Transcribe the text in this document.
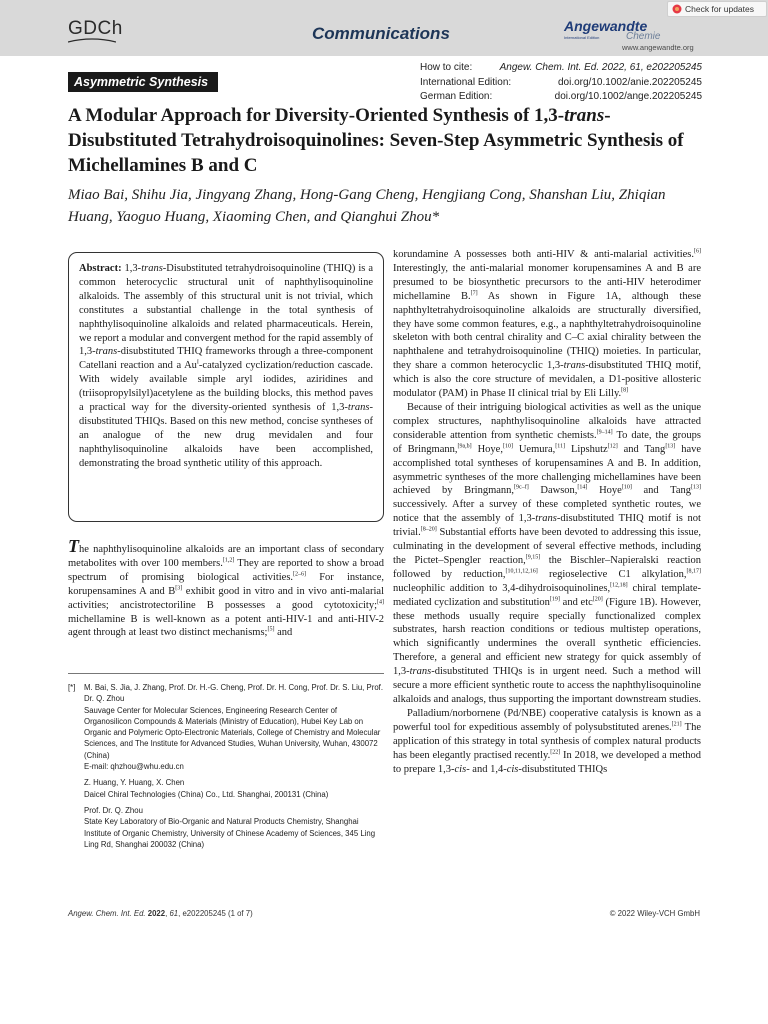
GDCh	Communications	Angewandte
International Edition	Chemie
www.angewandte.org
Check for updates
How to cite:	Angew. Chem. Int. Ed. 2022, 61, e202205245
International Edition:	doi.org/10.1002/anie.202205245
German Edition:	doi.org/10.1002/ange.202205245
Asymmetric Synthesis
A Modular Approach for Diversity-Oriented Synthesis of 1,3-trans-Disubstituted Tetrahydroisoquinolines: Seven-Step Asymmetric Synthesis of Michellamines B and C
Miao Bai, Shihu Jia, Jingyang Zhang, Hong-Gang Cheng, Hengjiang Cong, Shanshan Liu, Zhiqian Huang, Yaoguo Huang, Xiaoming Chen, and Qianghui Zhou*
Abstract: 1,3-trans-Disubstituted tetrahydroisoquinoline (THIQ) is a common heterocyclic structural unit of naphthylisoquinoline alkaloids. The assembly of this structural unit is not trivial, which constitutes a substantial challenge in the total synthesis of naphthylisoquinoline alkaloids and related pharmaceuticals. Herein, we report a modular and convergent method for the rapid assembly of 1,3-trans-disubstituted THIQ frameworks through a three-component Catellani reaction and a $Au^I$-catalyzed cyclization/reduction cascade. With widely available simple aryl iodides, aziridines and (triisopropylsilyl)acetylene as the building blocks, this method paves a practical way for the diversity-oriented synthesis of 1,3-trans-disubstituted THIQs. Based on this new method, concise syntheses of an analogue of the new drug mevidalen and four naphthylisoquinoline alkaloids have been accomplished, demonstrating the broad synthetic utility of this approach.

The naphthylisoquinoline alkaloids are an important class of secondary metabolites with over 100 members.[1,2] They are reported to show a broad spectrum of promising biological activities.[2–6] For instance, korupensamines A and B[3] exhibit good in vitro and in vivo anti-malarial activities; ancistrotectoriline B possesses a good cytotoxicity;[4] michellamine B is well-known as a potent anti-HIV-1 and anti-HIV-2 agent through at least two distinct mechanisms;[5] and

[*]	M. Bai, S. Jia, J. Zhang, Prof. Dr. H.-G. Cheng, Prof. Dr. H. Cong, Prof. Dr. S. Liu, Prof. Dr. Q. Zhou
Sauvage Center for Molecular Sciences, Engineering Research Center of Organosilicon Compounds & Materials (Ministry of Education), Hubei Key Lab on Organic and Polymeric Opto-Electronic Materials, College of Chemistry and Molecular Sciences, and The Institute for Advanced Studies, Wuhan University, Wuhan, 430072 (China)
E-mail: qhzhou@whu.edu.cn
Z. Huang, Y. Huang, X. Chen
Daicel Chiral Technologies (China) Co., Ltd. Shanghai, 200131 (China)
Prof. Dr. Q. Zhou
State Key Laboratory of Bio-Organic and Natural Products Chemistry, Shanghai Institute of Organic Chemistry, University of Chinese Academy of Sciences, 345 Ling Ling Rd, Shanghai 200032 (China)

korundamine A possesses both anti-HIV & anti-malarial activities.[6] Interestingly, the anti-malarial monomer korupensamines A and B are presumed to be biosynthetic precursors to the anti-HIV heterodimer michellamine B.[7] As shown in Figure 1A, although these naphthyltetrahydroisoquinoline alkaloids are structurally diversified, they have some common features, e.g., a naphthyltetrahydroisoquinoline skeleton with both central chirality and C–C axial chirality between the naphthalene and tetrahydroisoquinoline (THIQ) moieties. In particular, they share a common heterocyclic 1,3-trans-disubstituted THIQ motif, which is also the core structure of mevidalen, a D1-positive allosteric modulator (PAM) in Phase II clinical trial by Eli Lilly.[8]

Because of their intriguing biological activities as well as the unique complex structures, naphthylisoquinoline alkaloids have attracted considerable attention from synthetic chemists.[9–14] To date, the groups of Bringmann,[9a,b] Hoye,[10] Uemura,[11] Lipshutz[12] and Tang[13] have accomplished total syntheses of korupensamines A and B. In addition, asymmetric syntheses of the more challenging michellamines have been achieved by Bringmann,[9c–f] Dawson,[14] Hoye[10] and Tang[13] successively. After a survey of these completed synthetic routes, we notice that the assembly of 1,3-trans-disubstituted THIQ motif is not trivial.[8–20] Substantial efforts have been devoted to addressing this issue, culminating in the development of several effective methods, including the Pictet–Spengler reaction,[9,15] the Bischler–Napieralski reaction followed by reduction,[10,11,12,16] regioselective C1 alkylation,[8,17] nucleophilic addition to 3,4-dihydroisoquinolines,[12,18] chiral template-mediated cyclization and substitution[19] and etc[20] (Figure 1B). However, these methods usually require specially functionalized complex substrates, harsh reaction conditions or tedious multistep operations, which significantly undermines the overall synthetic efficiencies. Therefore, a general and efficient new strategy for quick assembly of 1,3-trans-disubstituted THIQs is in urgent need. Such a method will secure a more efficient synthetic route to access the naphthylisoquinoline alkaloids and analogs, thus supporting the important downstream studies.

Palladium/norbornene (Pd/NBE) cooperative catalysis is known as a powerful tool for expeditious assembly of polysubstituted arenes.[21] The application of this strategy in total synthesis of complex natural products has been elegantly practised recently.[22] In 2018, we developed a method to prepare 1,3-cis- and 1,4-cis-disubstituted THIQs

Angew. Chem. Int. Ed. 2022, 61, e202205245 (1 of 7)	© 2022 Wiley-VCH GmbH
